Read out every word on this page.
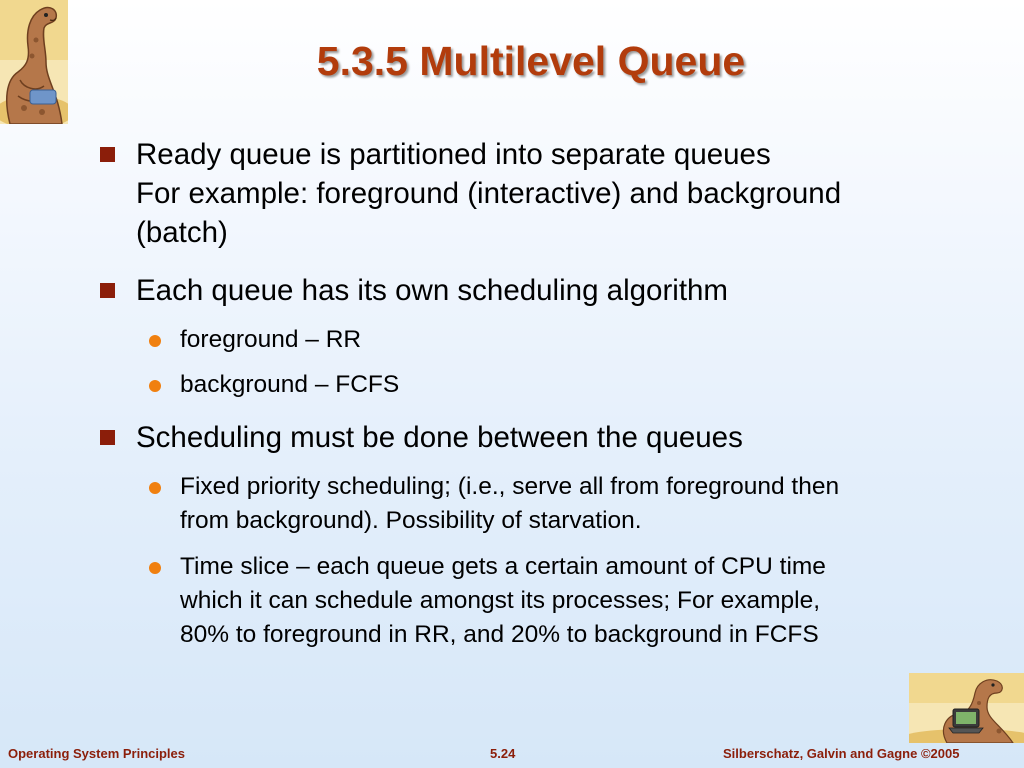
5.3.5 Multilevel Queue
Ready queue is partitioned into separate queues
For example: foreground (interactive) and background
(batch)
Each queue has its own scheduling algorithm
foreground – RR
background – FCFS
Scheduling must be done between the queues
Fixed priority scheduling; (i.e., serve all from foreground then
from background). Possibility of starvation.
Time slice – each queue gets a certain amount of CPU time
which it can schedule amongst its processes; For example,
80% to foreground in RR, and 20% to background in FCFS
Operating System Principles	5.24	Silberschatz, Galvin and Gagne ©2005
